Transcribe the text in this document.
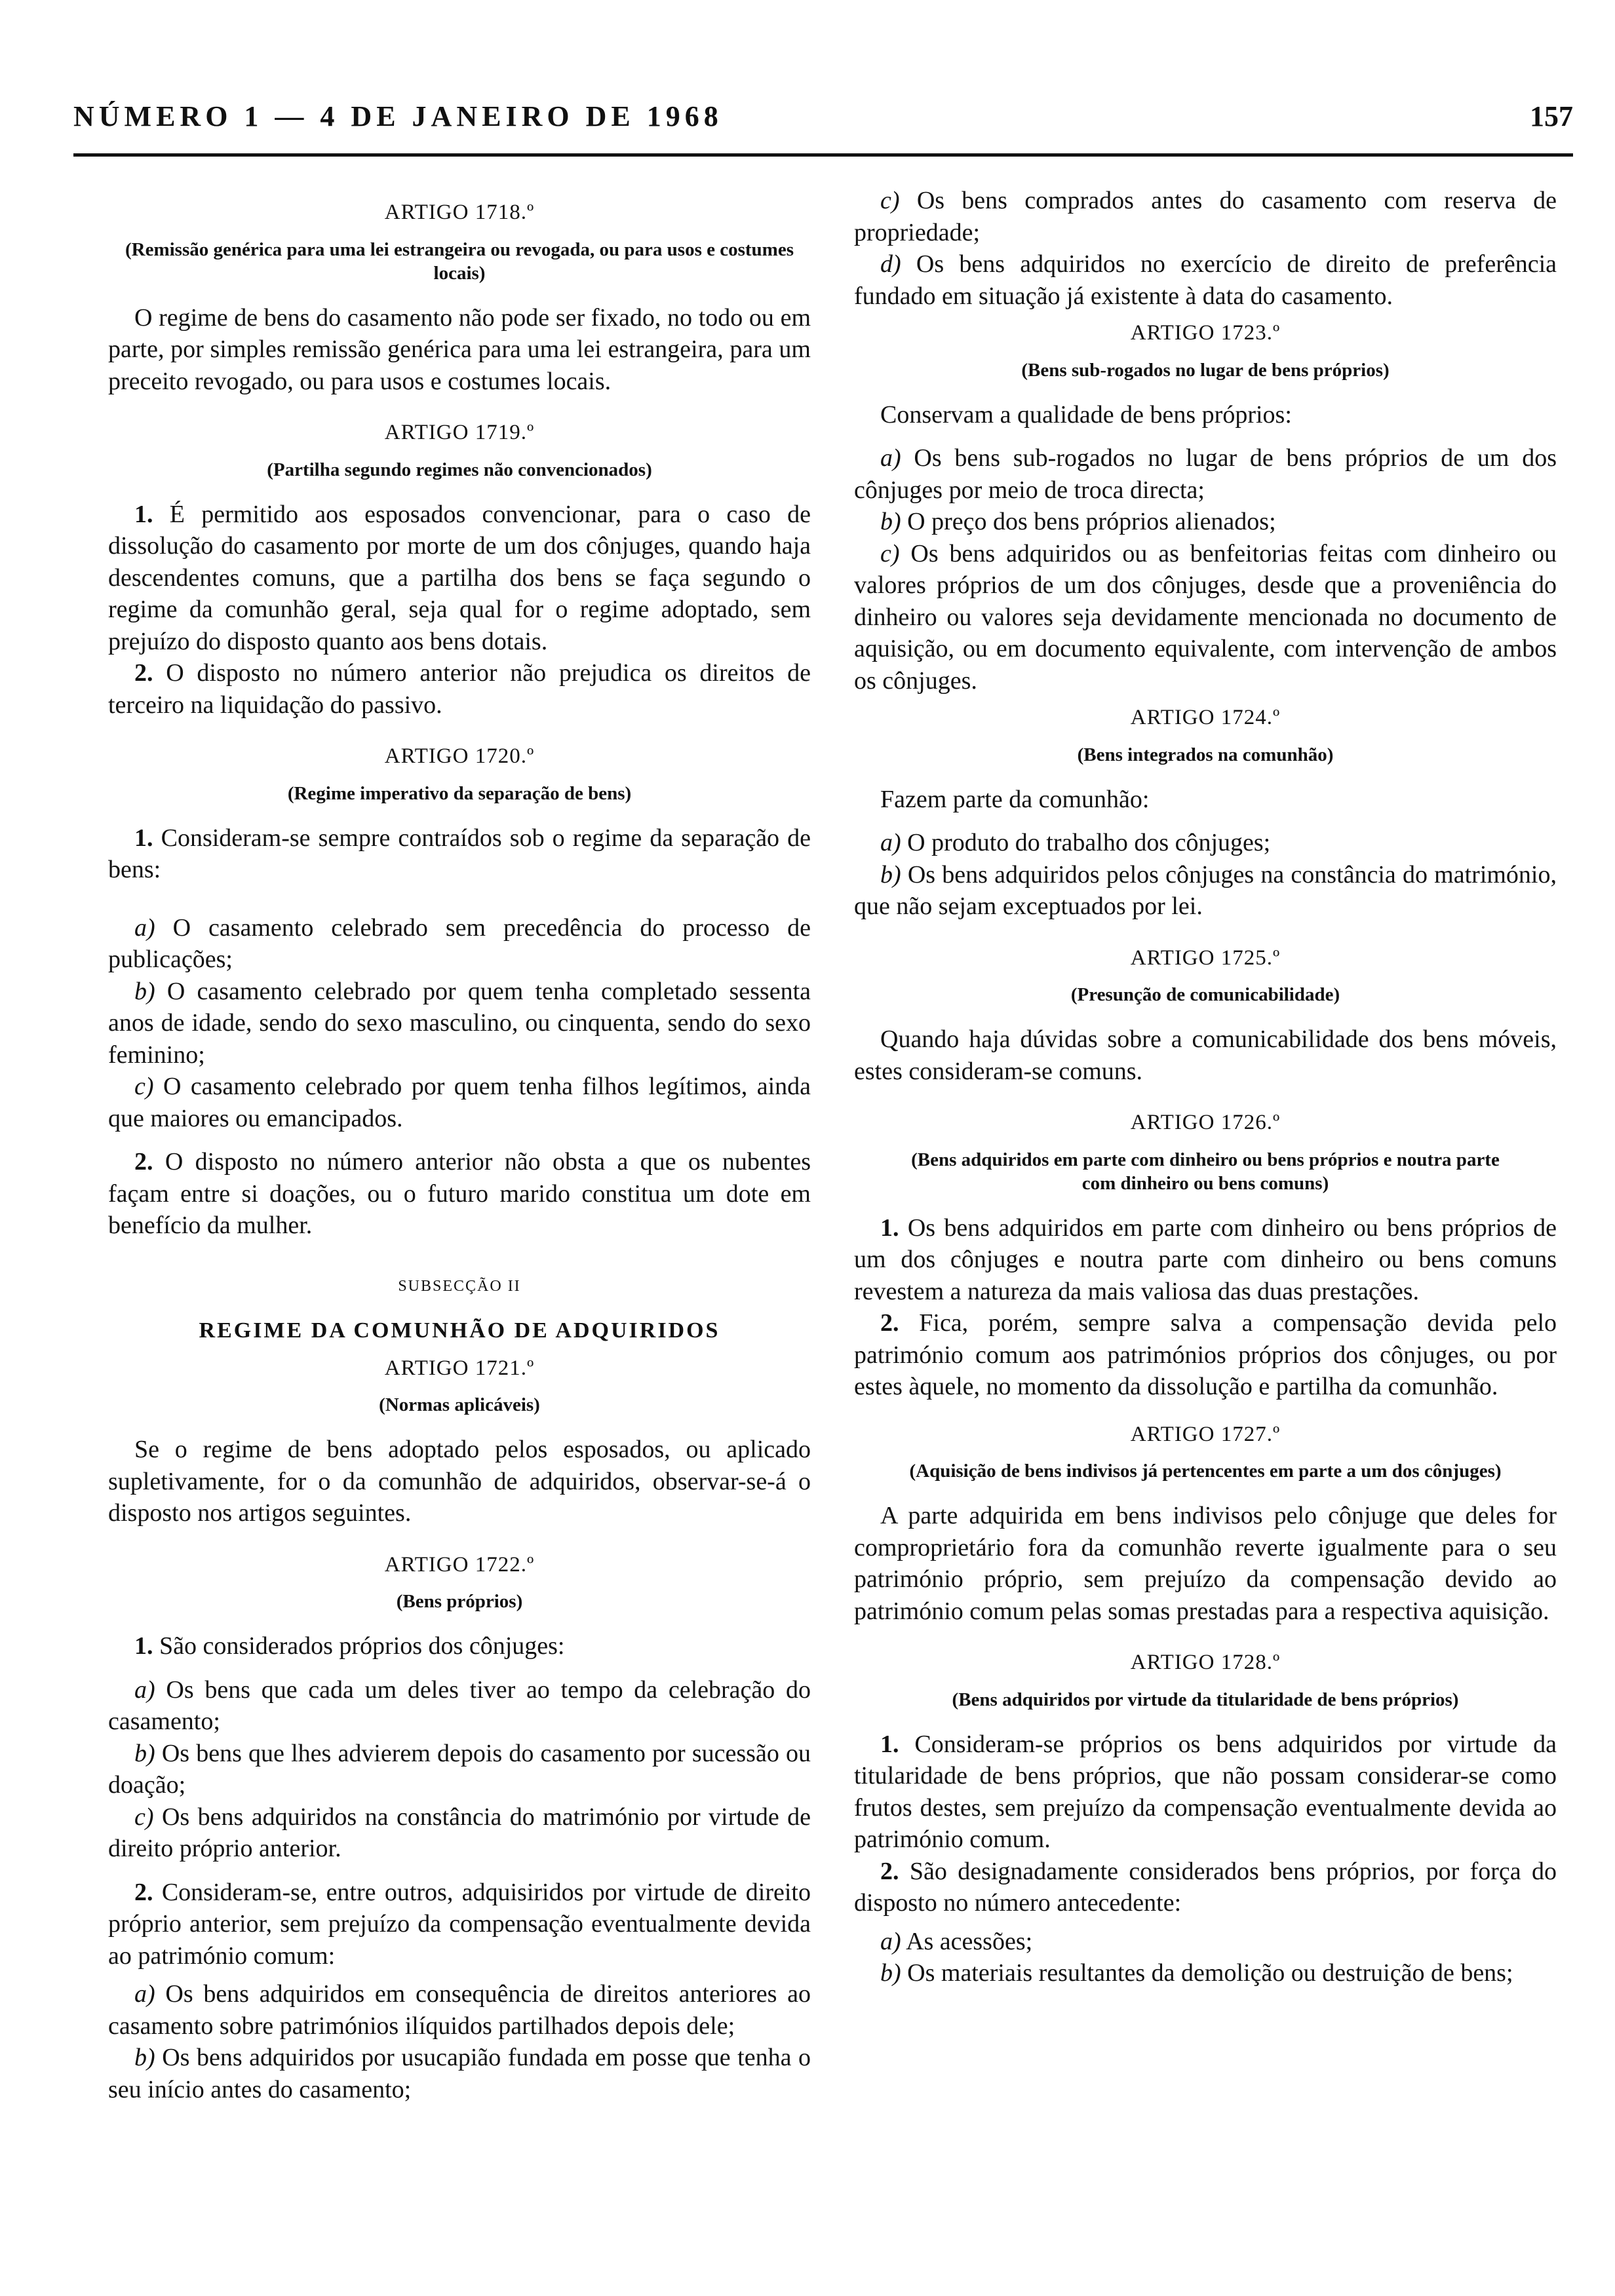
NÚMERO 1 — 4 DE JANEIRO DE 1968	157
ARTIGO 1718.º
(Remissão genérica para uma lei estrangeira ou revogada, ou para usos e costumes locais)

O regime de bens do casamento não pode ser fixado, no todo ou em parte, por simples remissão genérica para uma lei estrangeira, para um preceito revogado, ou para usos e costumes locais.

ARTIGO 1719.º
(Partilha segundo regimes não convencionados)

1. É permitido aos esposados convencionar, para o caso de dissolução do casamento por morte de um dos cônjuges, quando haja descendentes comuns, que a partilha dos bens se faça segundo o regime da comunhão geral, seja qual for o regime adoptado, sem prejuízo do disposto quanto aos bens dotais.

2. O disposto no número anterior não prejudica os direitos de terceiro na liquidação do passivo.

ARTIGO 1720.º
(Regime imperativo da separação de bens)

1. Consideram-se sempre contraídos sob o regime da separação de bens:

a) O casamento celebrado sem precedência do processo de publicações;

b) O casamento celebrado por quem tenha completado sessenta anos de idade, sendo do sexo masculino, ou cinquenta, sendo do sexo feminino;

c) O casamento celebrado por quem tenha filhos legítimos, ainda que maiores ou emancipados.

2. O disposto no número anterior não obsta a que os nubentes façam entre si doações, ou o futuro marido constitua um dote em benefício da mulher.

SUBSECÇÃO II
REGIME DA COMUNHÃO DE ADQUIRIDOS
ARTIGO 1721.º
(Normas aplicáveis)

Se o regime de bens adoptado pelos esposados, ou aplicado supletivamente, for o da comunhão de adquiridos, observar-se-á o disposto nos artigos seguintes.

ARTIGO 1722.º
(Bens próprios)

1. São considerados próprios dos cônjuges:

a) Os bens que cada um deles tiver ao tempo da celebração do casamento;

b) Os bens que lhes advierem depois do casamento por sucessão ou doação;

c) Os bens adquiridos na constância do matrimónio por virtude de direito próprio anterior.

2. Consideram-se, entre outros, adquisiridos por virtude de direito próprio anterior, sem prejuízo da compensação eventualmente devida ao património comum:

a) Os bens adquiridos em consequência de direitos anteriores ao casamento sobre patrimónios ilíquidos partilhados depois dele;

b) Os bens adquiridos por usucapião fundada em posse que tenha o seu início antes do casamento;

c) Os bens comprados antes do casamento com reserva de propriedade;

d) Os bens adquiridos no exercício de direito de preferência fundado em situação já existente à data do casamento.

ARTIGO 1723.º
(Bens sub-rogados no lugar de bens próprios)

Conservam a qualidade de bens próprios:

a) Os bens sub-rogados no lugar de bens próprios de um dos cônjuges por meio de troca directa;

b) O preço dos bens próprios alienados;

c) Os bens adquiridos ou as benfeitorias feitas com dinheiro ou valores próprios de um dos cônjuges, desde que a proveniência do dinheiro ou valores seja devidamente mencionada no documento de aquisição, ou em documento equivalente, com intervenção de ambos os cônjuges.

ARTIGO 1724.º
(Bens integrados na comunhão)

Fazem parte da comunhão:

a) O produto do trabalho dos cônjuges;

b) Os bens adquiridos pelos cônjuges na constância do matrimónio, que não sejam exceptuados por lei.

ARTIGO 1725.º
(Presunção de comunicabilidade)

Quando haja dúvidas sobre a comunicabilidade dos bens móveis, estes consideram-se comuns.

ARTIGO 1726.º
(Bens adquiridos em parte com dinheiro ou bens próprios e noutra parte com dinheiro ou bens comuns)

1. Os bens adquiridos em parte com dinheiro ou bens próprios de um dos cônjuges e noutra parte com dinheiro ou bens comuns revestem a natureza da mais valiosa das duas prestações.

2. Fica, porém, sempre salva a compensação devida pelo património comum aos patrimónios próprios dos cônjuges, ou por estes àquele, no momento da dissolução e partilha da comunhão.

ARTIGO 1727.º
(Aquisição de bens indivisos já pertencentes em parte a um dos cônjuges)

A parte adquirida em bens indivisos pelo cônjuge que deles for comproprietário fora da comunhão reverte igualmente para o seu património próprio, sem prejuízo da compensação devido ao património comum pelas somas prestadas para a respectiva aquisição.

ARTIGO 1728.º
(Bens adquiridos por virtude da titularidade de bens próprios)

1. Consideram-se próprios os bens adquiridos por virtude da titularidade de bens próprios, que não possam considerar-se como frutos destes, sem prejuízo da compensação eventualmente devida ao património comum.

2. São designadamente considerados bens próprios, por força do disposto no número antecedente:

a) As acessões;

b) Os materiais resultantes da demolição ou destruição de bens;
